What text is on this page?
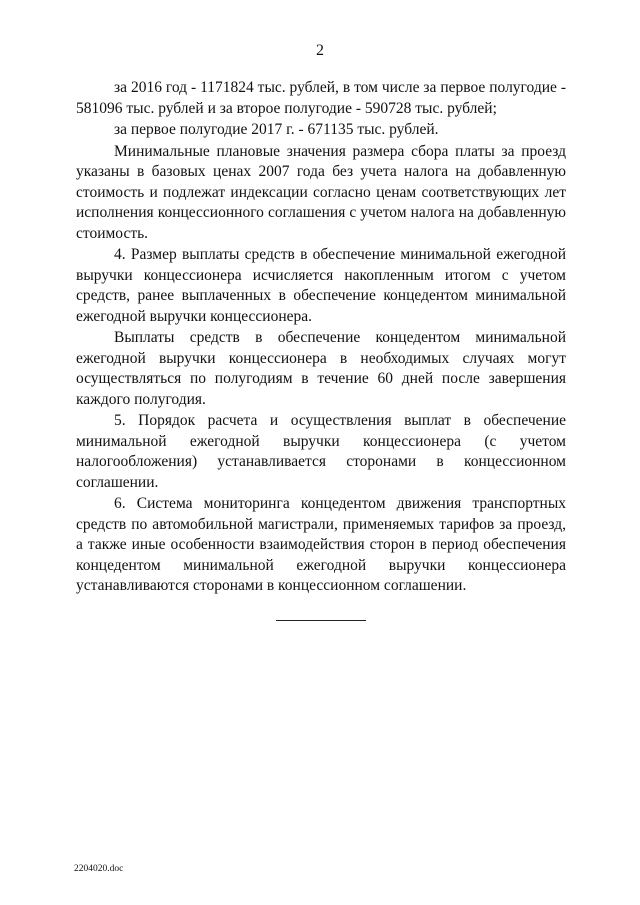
2

за 2016 год - 1171824 тыс. рублей, в том числе за первое полугодие - 581096 тыс. рублей и за второе полугодие - 590728 тыс. рублей;

за первое полугодие 2017 г. - 671135 тыс. рублей.

Минимальные плановые значения размера сбора платы за проезд указаны в базовых ценах 2007 года без учета налога на добавленную стоимость и подлежат индексации согласно ценам соответствующих лет исполнения концессионного соглашения с учетом налога на добавленную стоимость.

4. Размер выплаты средств в обеспечение минимальной ежегодной выручки концессионера исчисляется накопленным итогом с учетом средств, ранее выплаченных в обеспечение концедентом минимальной ежегодной выручки концессионера.

Выплаты средств в обеспечение концедентом минимальной ежегодной выручки концессионера в необходимых случаях могут осуществляться по полугодиям в течение 60 дней после завершения каждого полугодия.

5. Порядок расчета и осуществления выплат в обеспечение минимальной ежегодной выручки концессионера (с учетом налогообложения) устанавливается сторонами в концессионном соглашении.

6. Система мониторинга концедентом движения транспортных средств по автомобильной магистрали, применяемых тарифов за проезд, а также иные особенности взаимодействия сторон в период обеспечения концедентом минимальной ежегодной выручки концессионера устанавливаются сторонами в концессионном соглашении.

2204020.doc
